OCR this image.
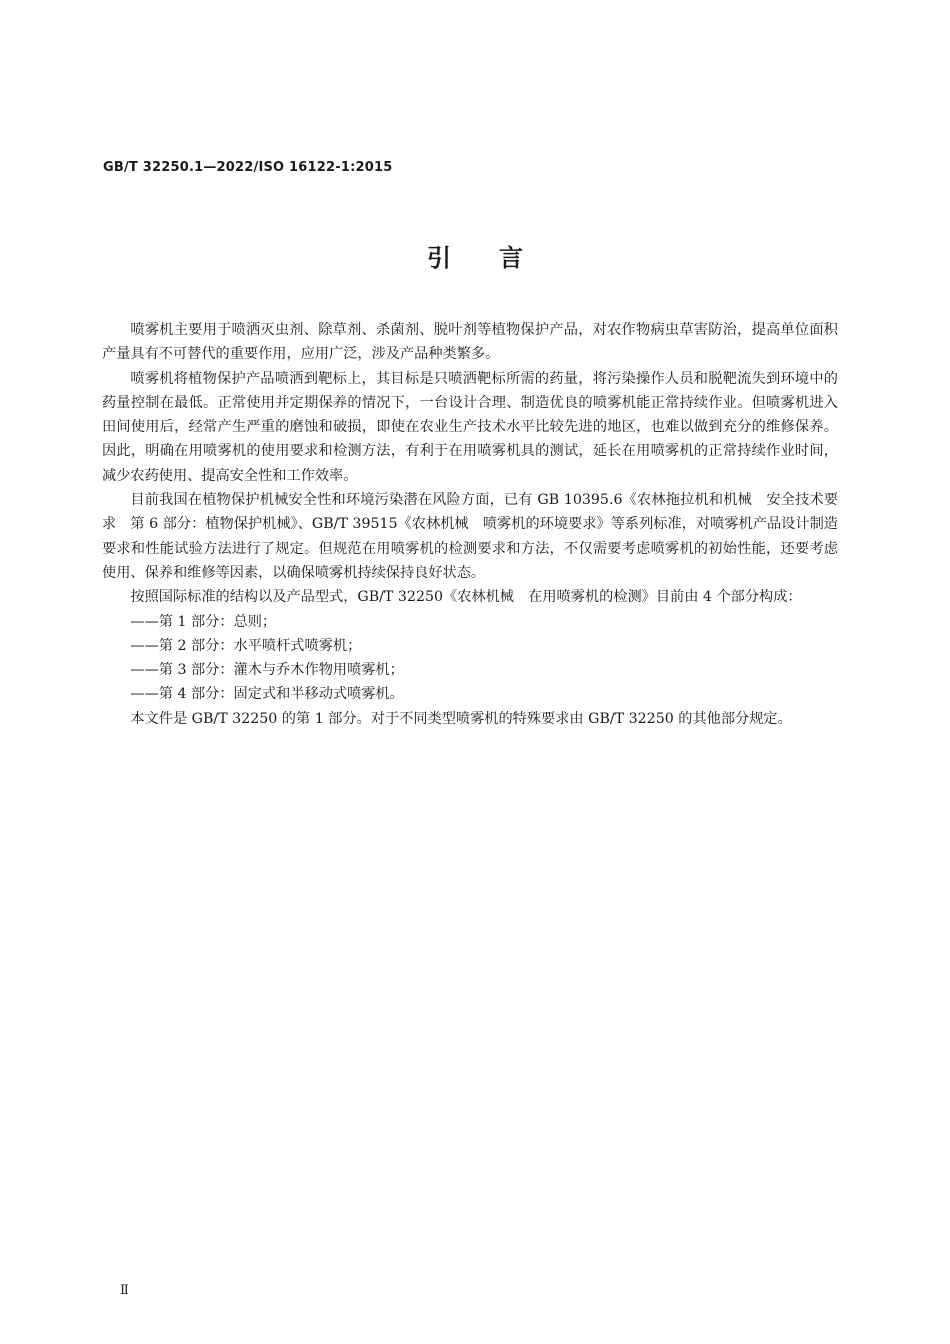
GB/T 32250.1—2022/ISO 16122-1:2015
引言

喷雾机主要用于喷洒灭虫剂、除草剂、杀菌剂、脱叶剂等植物保护产品，对农作物病虫草害防治，提高单位面积产量具有不可替代的重要作用，应用广泛，涉及产品种类繁多。

喷雾机将植物保护产品喷洒到靶标上，其目标是只喷洒靶标所需的药量，将污染操作人员和脱靶流失到环境中的药量控制在最低。正常使用并定期保养的情况下，一台设计合理、制造优良的喷雾机能正常持续作业。但喷雾机进入田间使用后，经常产生严重的磨蚀和破损，即使在农业生产技术水平比较先进的地区，也难以做到充分的维修保养。因此，明确在用喷雾机的使用要求和检测方法，有利于在用喷雾机具的测试，延长在用喷雾机的正常持续作业时间，减少农药使用、提高安全性和工作效率。

目前我国在植物保护机械安全性和环境污染潜在风险方面，已有 GB 10395.6《农林拖拉机和机械　安全技术要求　第 6 部分：植物保护机械》、GB/T 39515《农林机械　喷雾机的环境要求》等系列标准，对喷雾机产品设计制造要求和性能试验方法进行了规定。但规范在用喷雾机的检测要求和方法，不仅需要考虑喷雾机的初始性能，还要考虑使用、保养和维修等因素，以确保喷雾机持续保持良好状态。

按照国际标准的结构以及产品型式，GB/T 32250《农林机械　在用喷雾机的检测》目前由 4 个部分构成：

——第 1 部分：总则；
——第 2 部分：水平喷杆式喷雾机；
——第 3 部分：灌木与乔木作物用喷雾机；
——第 4 部分：固定式和半移动式喷雾机。

本文件是 GB/T 32250 的第 1 部分。对于不同类型喷雾机的特殊要求由 GB/T 32250 的其他部分规定。

Ⅱ
